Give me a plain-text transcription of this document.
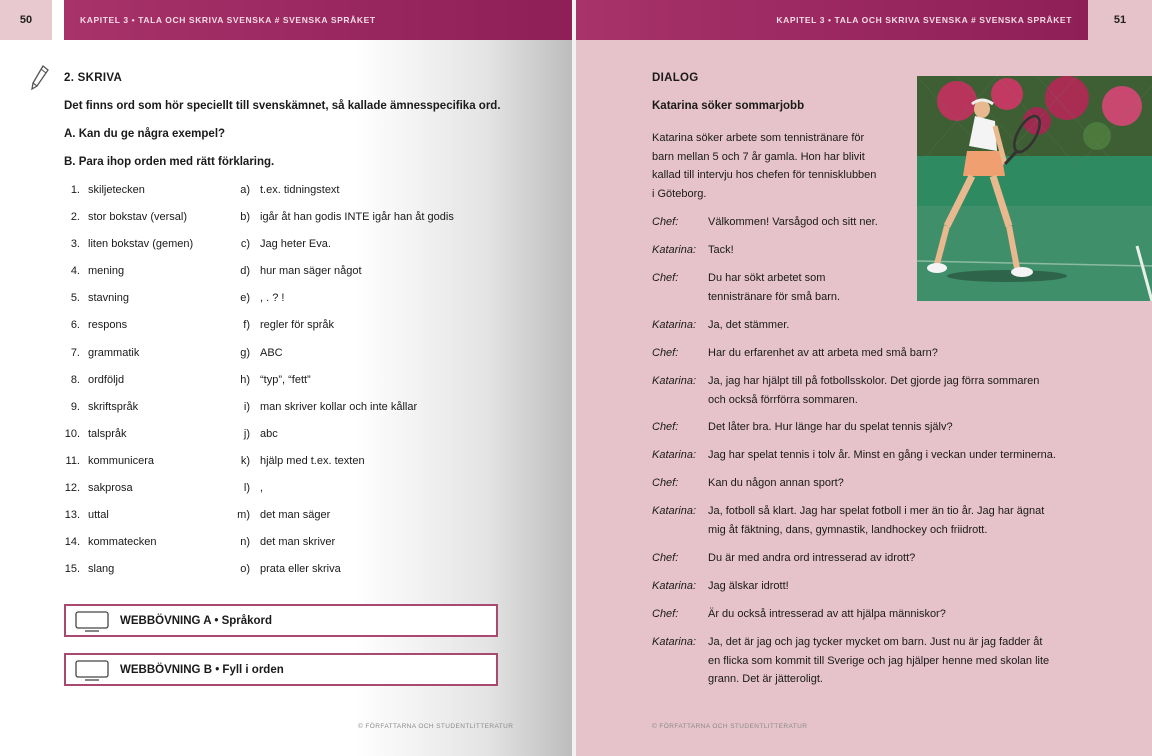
50	KAPITEL 3 • TALA OCH SKRIVA SVENSKA # SVENSKA SPRÅKET
2. SKRIVA
Det finns ord som hör speciellt till svenskämnet, så kallade ämnesspecifika ord.
A. Kan du ge några exempel?
B. Para ihop orden med rätt förklaring.
1. skiljetecken	a) t.ex. tidningstext
2. stor bokstav (versal)	b) igår åt han godis INTE igår han åt godis
3. liten bokstav (gemen)	c) Jag heter Eva.
4. mening	d) hur man säger något
5. stavning	e) , . ? !
6. respons	f) regler för språk
7. grammatik	g) ABC
8. ordföljd	h) “typ”, “fett”
9. skriftspråk	i) man skriver kollar och inte kållar
10. talspråk	j) abc
11. kommunicera	k) hjälp med t.ex. texten
12. sakprosa	l) ,
13. uttal	m) det man säger
14. kommatecken	n) det man skriver
15. slang	o) prata eller skriva
WEBBÖVNING A • Språkord
WEBBÖVNING B • Fyll i orden
© FÖRFATTARNA OCH STUDENTLITTERATUR
KAPITEL 3 • TALA OCH SKRIVA SVENSKA # SVENSKA SPRÅKET	51
DIALOG
Katarina söker sommarjobb
Katarina söker arbete som tennistränare för
barn mellan 5 och 7 år gamla. Hon har blivit
kallad till intervju hos chefen för tennisklubben
i Göteborg.
Chef:	Välkommen! Varsågod och sitt ner.
Katarina: Tack!
Chef:	Du har sökt arbetet som
tennistränare för små barn.
Katarina: Ja, det stämmer.
Chef:	Har du erfarenhet av att arbeta med små barn?
Katarina: Ja, jag har hjälpt till på fotbollsskolor. Det gjorde jag förra sommaren
och också förrförra sommaren.
Chef:	Det låter bra. Hur länge har du spelat tennis själv?
Katarina: Jag har spelat tennis i tolv år. Minst en gång i veckan under terminerna.
Chef:	Kan du någon annan sport?
Katarina: Ja, fotboll så klart. Jag har spelat fotboll i mer än tio år. Jag har ägnat
mig åt fäktning, dans, gymnastik, landhockey och friidrott.
Chef:	Du är med andra ord intresserad av idrott?
Katarina: Jag älskar idrott!
Chef:	Är du också intresserad av att hjälpa människor?
Katarina: Ja, det är jag och jag tycker mycket om barn. Just nu är jag fadder åt
en flicka som kommit till Sverige och jag hjälper henne med skolan lite
grann. Det är jätteroligt.
© FÖRFATTARNA OCH STUDENTLITTERATUR
